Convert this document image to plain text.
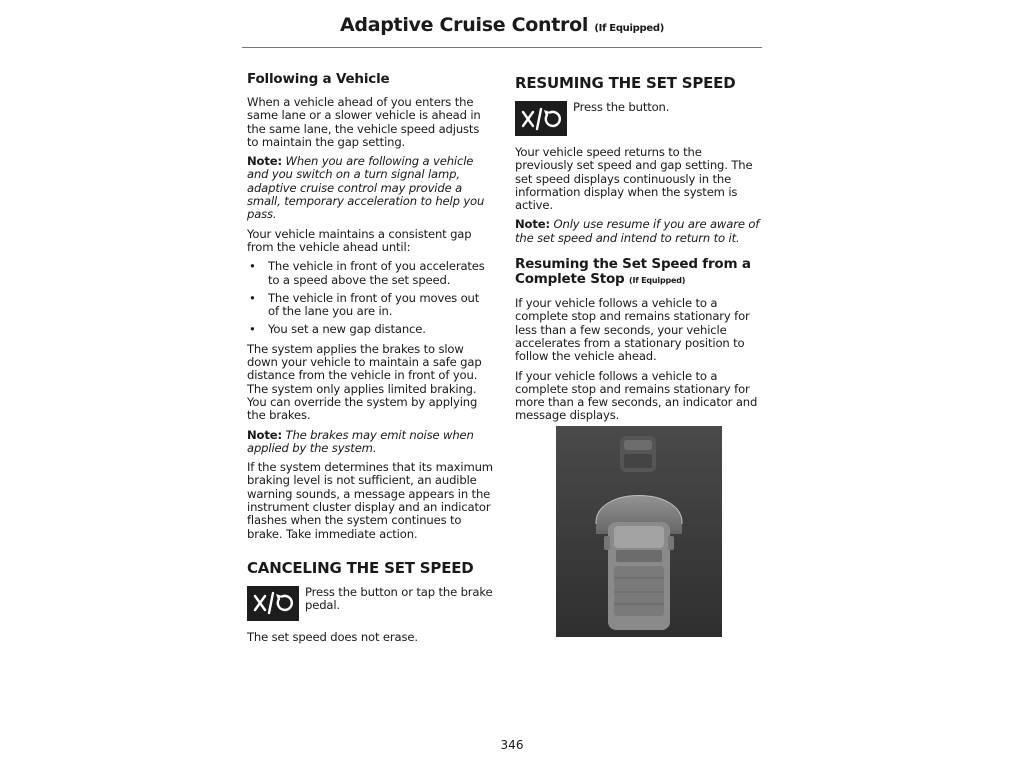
Adaptive Cruise Control (If Equipped)
Following a Vehicle

When a vehicle ahead of you enters the same lane or a slower vehicle is ahead in the same lane, the vehicle speed adjusts to maintain the gap setting.

Note: When you are following a vehicle and you switch on a turn signal lamp, adaptive cruise control may provide a small, temporary acceleration to help you pass.

Your vehicle maintains a consistent gap from the vehicle ahead until:

• The vehicle in front of you accelerates to a speed above the set speed.
• The vehicle in front of you moves out of the lane you are in.
• You set a new gap distance.

The system applies the brakes to slow down your vehicle to maintain a safe gap distance from the vehicle in front of you. The system only applies limited braking. You can override the system by applying the brakes.

Note: The brakes may emit noise when applied by the system.

If the system determines that its maximum braking level is not sufficient, an audible warning sounds, a message appears in the instrument cluster display and an indicator flashes when the system continues to brake. Take immediate action.

CANCELING THE SET SPEED
Press the button or tap the brake pedal.

The set speed does not erase.

RESUMING THE SET SPEED
Press the button.

Your vehicle speed returns to the previously set speed and gap setting. The set speed displays continuously in the information display when the system is active.

Note: Only use resume if you are aware of the set speed and intend to return to it.

Resuming the Set Speed from a Complete Stop (If Equipped)

If your vehicle follows a vehicle to a complete stop and remains stationary for less than a few seconds, your vehicle accelerates from a stationary position to follow the vehicle ahead.

If your vehicle follows a vehicle to a complete stop and remains stationary for more than a few seconds, an indicator and message displays.

346
